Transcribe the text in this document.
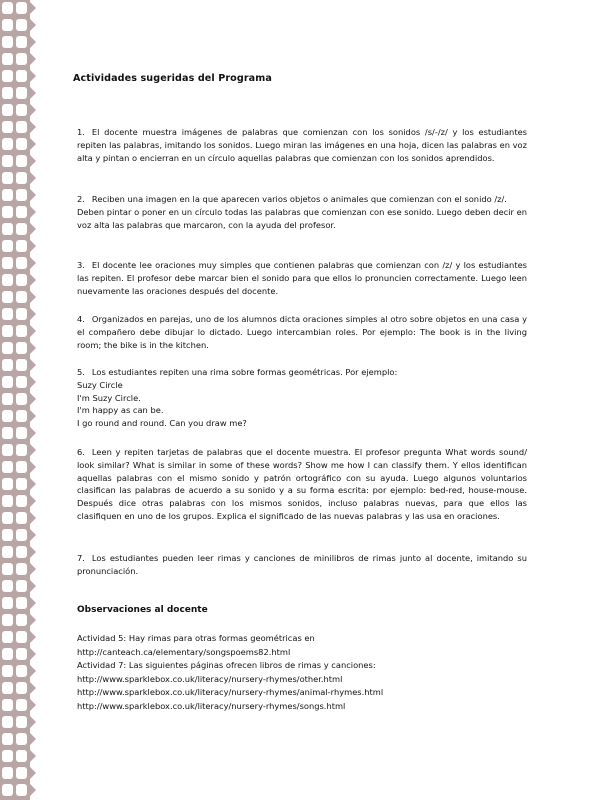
Actividades sugeridas del Programa
1. El docente muestra imágenes de palabras que comienzan con los sonidos /s/-/z/ y los estudiantes repiten las palabras, imitando los sonidos. Luego miran las imágenes en una hoja, dicen las palabras en voz alta y pintan o encierran en un círculo aquellas palabras que comienzan con los sonidos aprendidos.
2. Reciben una imagen en la que aparecen varios objetos o animales que comienzan con el sonido /z/.
Deben pintar o poner en un círculo todas las palabras que comienzan con ese sonido. Luego deben decir en voz alta las palabras que marcaron, con la ayuda del profesor.
3. El docente lee oraciones muy simples que contienen palabras que comienzan con /z/ y los estudiantes las repiten. El profesor debe marcar bien el sonido para que ellos lo pronuncien correctamente. Luego leen nuevamente las oraciones después del docente.
4. Organizados en parejas, uno de los alumnos dicta oraciones simples al otro sobre objetos en una casa y el compañero debe dibujar lo dictado. Luego intercambian roles. Por ejemplo: The book is in the living room; the bike is in the kitchen.
5. Los estudiantes repiten una rima sobre formas geométricas. Por ejemplo:
Suzy Circle
I'm Suzy Circle.
I'm happy as can be.
I go round and round. Can you draw me?
6. Leen y repiten tarjetas de palabras que el docente muestra. El profesor pregunta What words sound/ look similar? What is similar in some of these words? Show me how I can classify them. Y ellos identifican aquellas palabras con el mismo sonido y patrón ortográfico con su ayuda. Luego algunos voluntarios clasifican las palabras de acuerdo a su sonido y a su forma escrita: por ejemplo: bed-red, house-mouse. Después dice otras palabras con los mismos sonidos, incluso palabras nuevas, para que ellos las clasifiquen en uno de los grupos. Explica el significado de las nuevas palabras y las usa en oraciones.
7. Los estudiantes pueden leer rimas y canciones de minilibros de rimas junto al docente, imitando su pronunciación.
Observaciones al docente
Actividad 5: Hay rimas para otras formas geométricas en
http://canteach.ca/elementary/songspoems82.html
Actividad 7: Las siguientes páginas ofrecen libros de rimas y canciones:
http://www.sparklebox.co.uk/literacy/nursery-rhymes/other.html
http://www.sparklebox.co.uk/literacy/nursery-rhymes/animal-rhymes.html
http://www.sparklebox.co.uk/literacy/nursery-rhymes/songs.html
